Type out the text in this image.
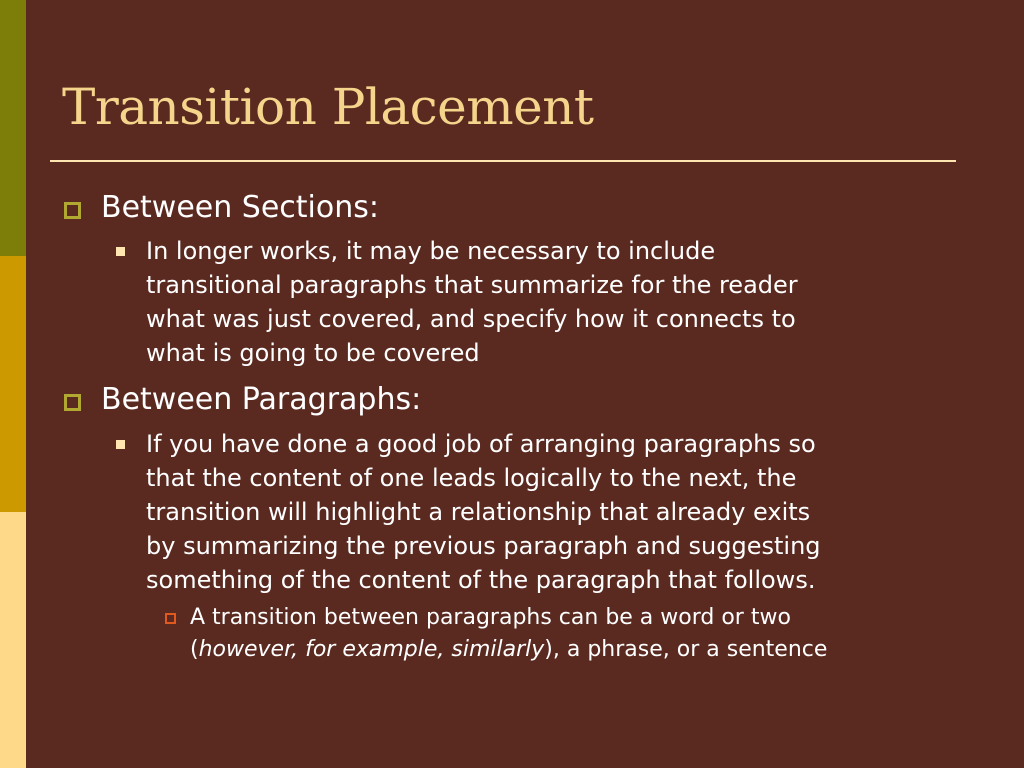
Transition Placement
Between Sections:
In longer works, it may be necessary to include
transitional paragraphs that summarize for the reader
what was just covered, and specify how it connects to
what is going to be covered
Between Paragraphs:
If you have done a good job of arranging paragraphs so
that the content of one leads logically to the next, the
transition will highlight a relationship that already exits
by summarizing the previous paragraph and suggesting
something of the content of the paragraph that follows.
A transition between paragraphs can be a word or two
(however, for example, similarly), a phrase, or a sentence
